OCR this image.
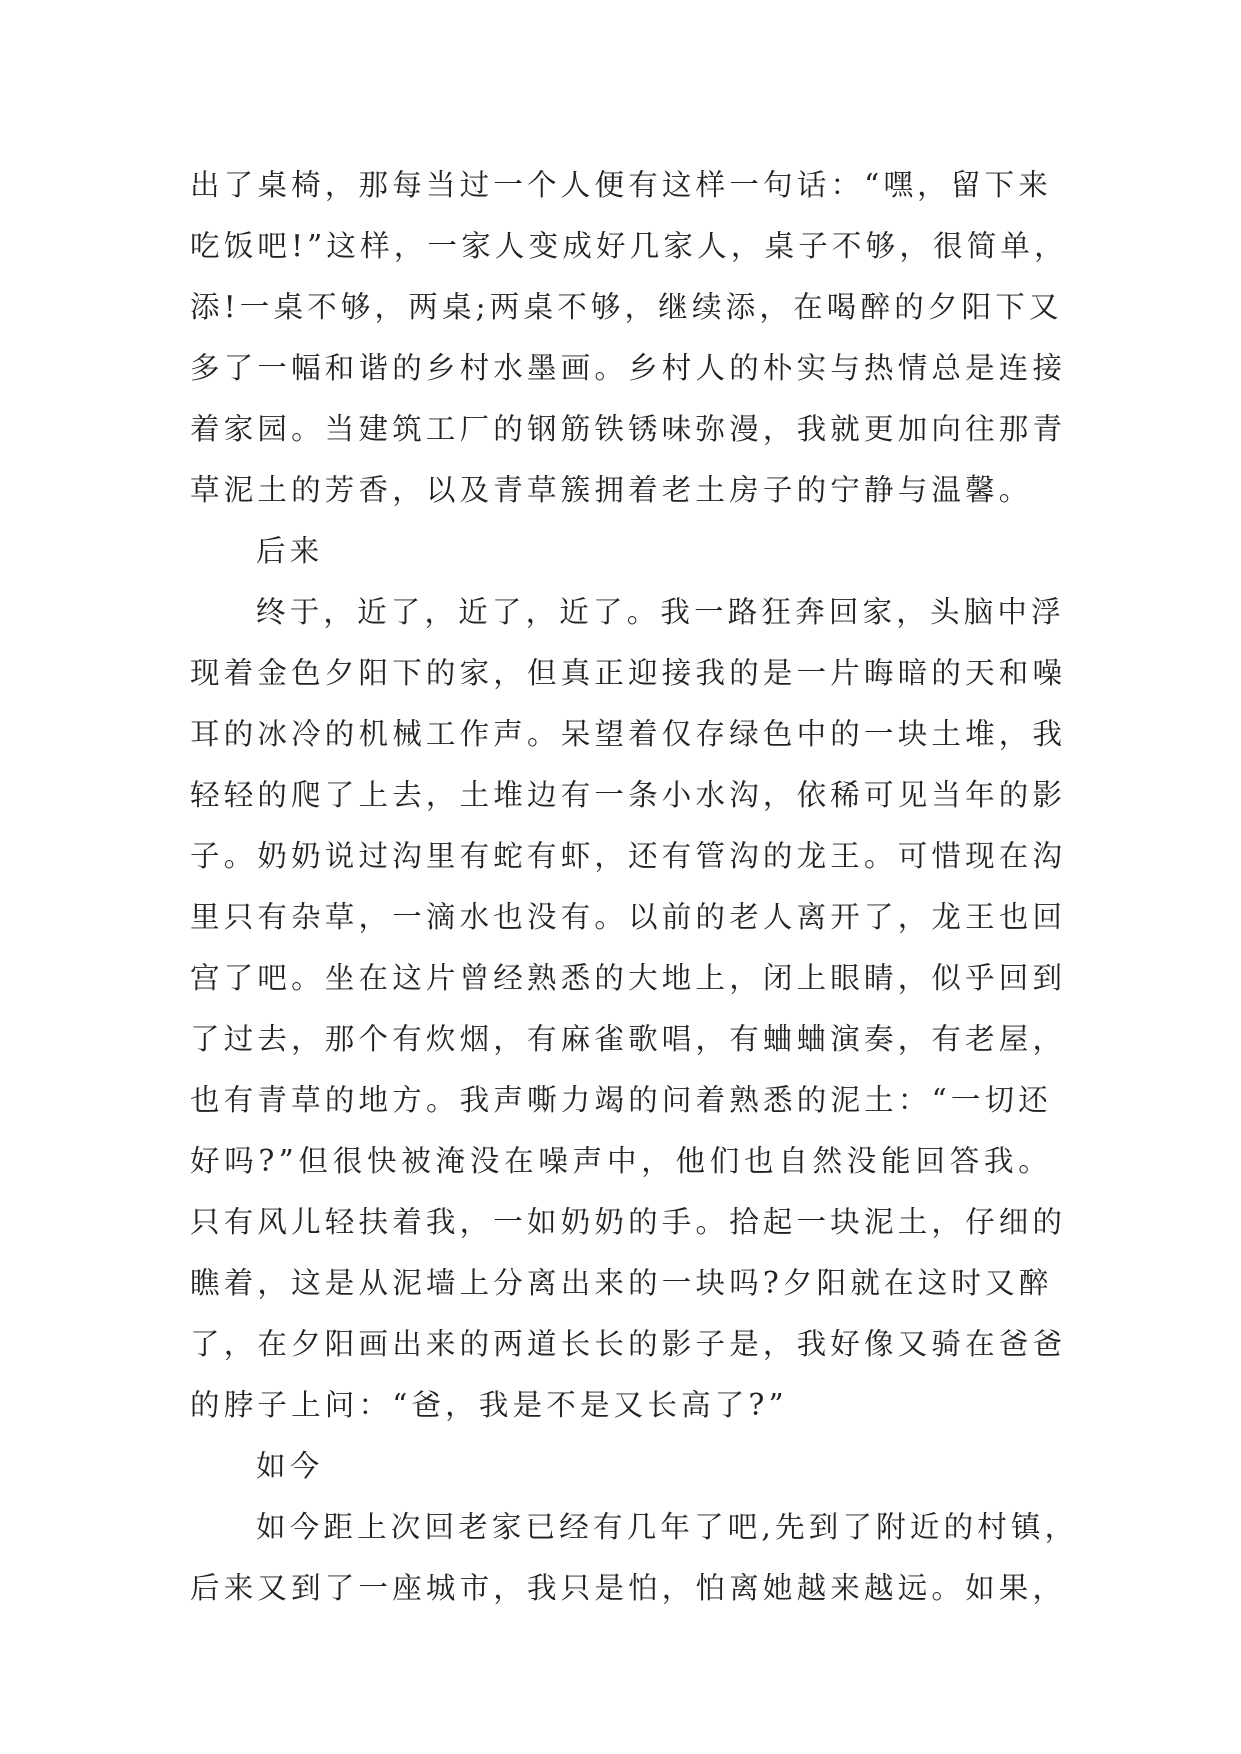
出了桌椅，那每当过一个人便有这样一句话：“嘿，留下来
吃饭吧!”这样，一家人变成好几家人，桌子不够，很简单，
添!一桌不够，两桌;两桌不够，继续添，在喝醉的夕阳下又
多了一幅和谐的乡村水墨画。乡村人的朴实与热情总是连接
着家园。当建筑工厂的钢筋铁锈味弥漫，我就更加向往那青
草泥土的芳香，以及青草簇拥着老土房子的宁静与温馨。
后来
终于，近了，近了，近了。我一路狂奔回家，头脑中浮
现着金色夕阳下的家，但真正迎接我的是一片晦暗的天和噪
耳的冰冷的机械工作声。呆望着仅存绿色中的一块土堆，我
轻轻的爬了上去，土堆边有一条小水沟，依稀可见当年的影
子。奶奶说过沟里有蛇有虾，还有管沟的龙王。可惜现在沟
里只有杂草，一滴水也没有。以前的老人离开了，龙王也回
宫了吧。坐在这片曾经熟悉的大地上，闭上眼睛，似乎回到
了过去，那个有炊烟，有麻雀歌唱，有蛐蛐演奏，有老屋，
也有青草的地方。我声嘶力竭的问着熟悉的泥土：“一切还
好吗?”但很快被淹没在噪声中，他们也自然没能回答我。
只有风儿轻扶着我，一如奶奶的手。拾起一块泥土，仔细的
瞧着，这是从泥墙上分离出来的一块吗?夕阳就在这时又醉
了，在夕阳画出来的两道长长的影子是，我好像又骑在爸爸
的脖子上问：“爸，我是不是又长高了?”
如今
如今距上次回老家已经有几年了吧,先到了附近的村镇，
后来又到了一座城市，我只是怕，怕离她越来越远。如果，
